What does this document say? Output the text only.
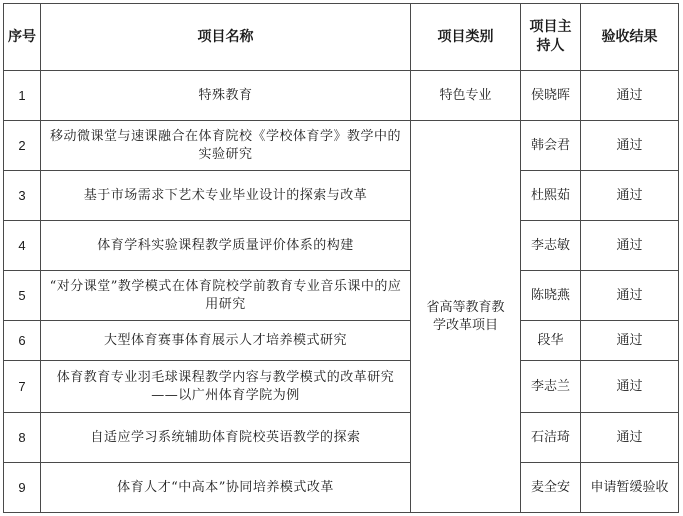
序号	项目名称	项目类别	项目主持人	验收结果
1	特殊教育	特色专业	侯晓晖	通过
2	移动微课堂与速课融合在体育院校《学校体育学》教学中的实验研究	省高等教育教学改革项目	韩会君	通过
3	基于市场需求下艺术专业毕业设计的探索与改革		杜熙茹	通过
4	体育学科实验课程教学质量评价体系的构建		李志敏	通过
5	“对分课堂”教学模式在体育院校学前教育专业音乐课中的应用研究		陈晓燕	通过
6	大型体育赛事体育展示人才培养模式研究		段华	通过
7	体育教育专业羽毛球课程教学内容与教学模式的改革研究——以广州体育学院为例		李志兰	通过
8	自适应学习系统辅助体育院校英语教学的探索		石洁琦	通过
9	体育人才“中高本”协同培养模式改革		麦全安	申请暂缓验收
